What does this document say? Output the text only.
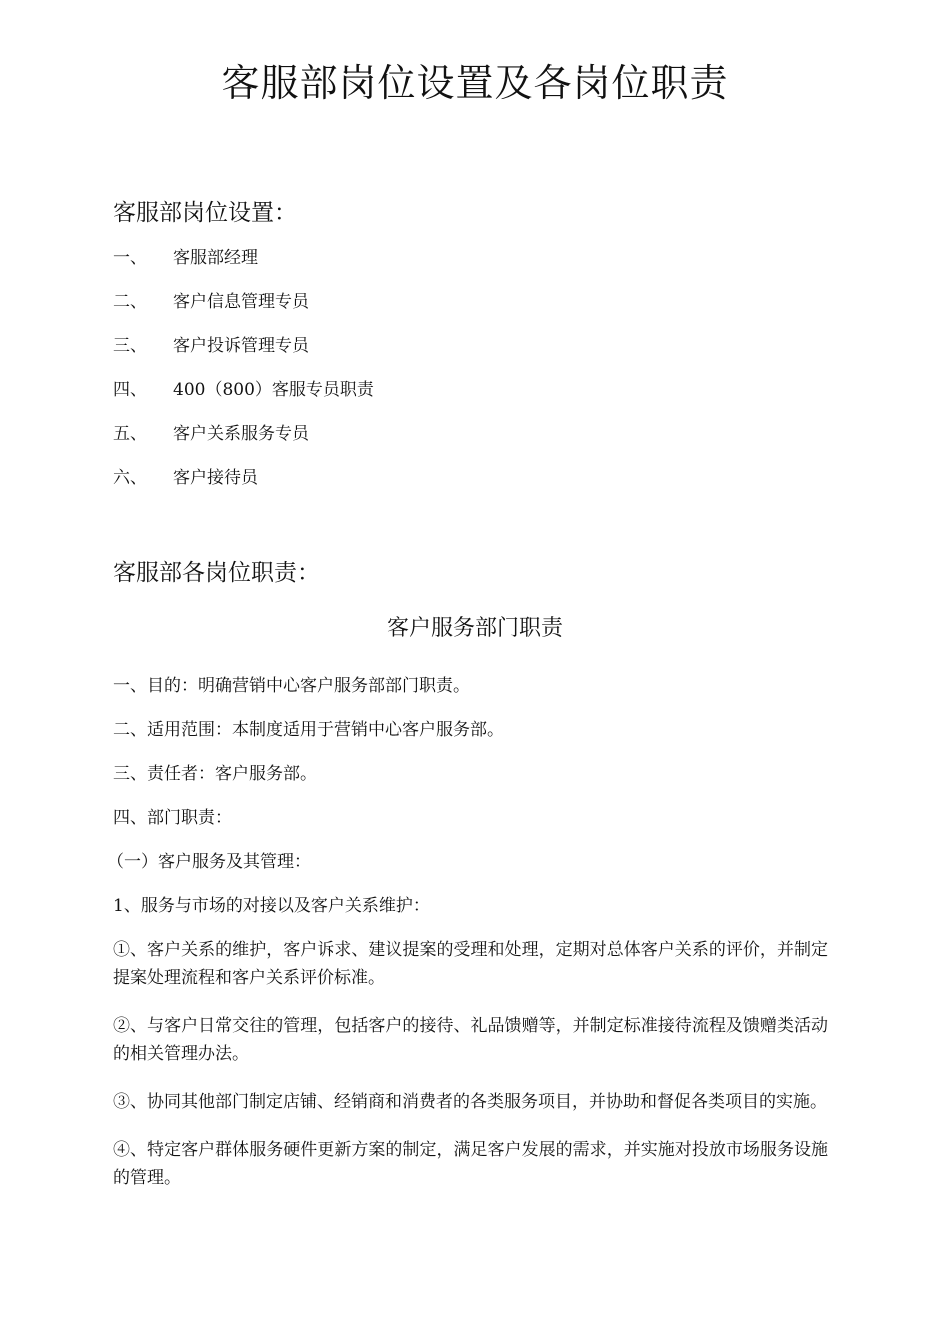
客服部岗位设置及各岗位职责
客服部岗位设置：
一、	客服部经理
二、	客户信息管理专员
三、	客户投诉管理专员
四、	400（800）客服专员职责
五、	客户关系服务专员
六、	客户接待员
客服部各岗位职责：
客户服务部门职责

一、目的：明确营销中心客户服务部部门职责。

二、适用范围：本制度适用于营销中心客户服务部。

三、责任者：客户服务部。

四、部门职责：

（一）客户服务及其管理：

1、服务与市场的对接以及客户关系维护：

①、客户关系的维护，客户诉求、建议提案的受理和处理，定期对总体客户关系的评价，并制定提案处理流程和客户关系评价标准。

②、与客户日常交往的管理，包括客户的接待、礼品馈赠等，并制定标准接待流程及馈赠类活动的相关管理办法。

③、协同其他部门制定店铺、经销商和消费者的各类服务项目，并协助和督促各类项目的实施。

④、特定客户群体服务硬件更新方案的制定，满足客户发展的需求，并实施对投放市场服务设施的管理。
